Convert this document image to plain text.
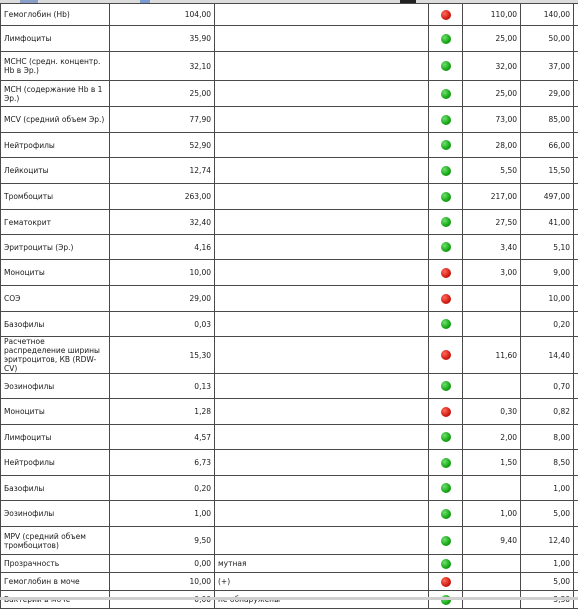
Гемоглобин (Hb)	104,00			110,00	140,00	
Лимфоциты	35,90			25,00	50,00	
MCHC (средн. концентр. Hb в Эр.)	32,10			32,00	37,00	
MCH (содержание Hb в 1 Эр.)	25,00			25,00	29,00	
MCV (средний объем Эр.)	77,90			73,00	85,00	
Нейтрофилы	52,90			28,00	66,00	
Лейкоциты	12,74			5,50	15,50	
Тромбоциты	263,00			217,00	497,00	
Гематокрит	32,40			27,50	41,00	
Эритроциты (Эр.)	4,16			3,40	5,10	
Моноциты	10,00			3,00	9,00	
СОЭ	29,00				10,00	
Базофилы	0,03				0,20	
Расчетное распределение ширины эритроцитов, КВ (RDW-CV)	15,30			11,60	14,40	
Эозинофилы	0,13				0,70	
Моноциты	1,28			0,30	0,82	
Лимфоциты	4,57			2,00	8,00	
Нейтрофилы	6,73			1,50	8,50	
Базофилы	0,20				1,00	
Эозинофилы	1,00			1,00	5,00	
MPV (средний объем тромбоцитов)	9,50			9,40	12,40	
Прозрачность	0,00	мутная			1,00	
Гемоглобин в моче	10,00	(+)			5,00	
